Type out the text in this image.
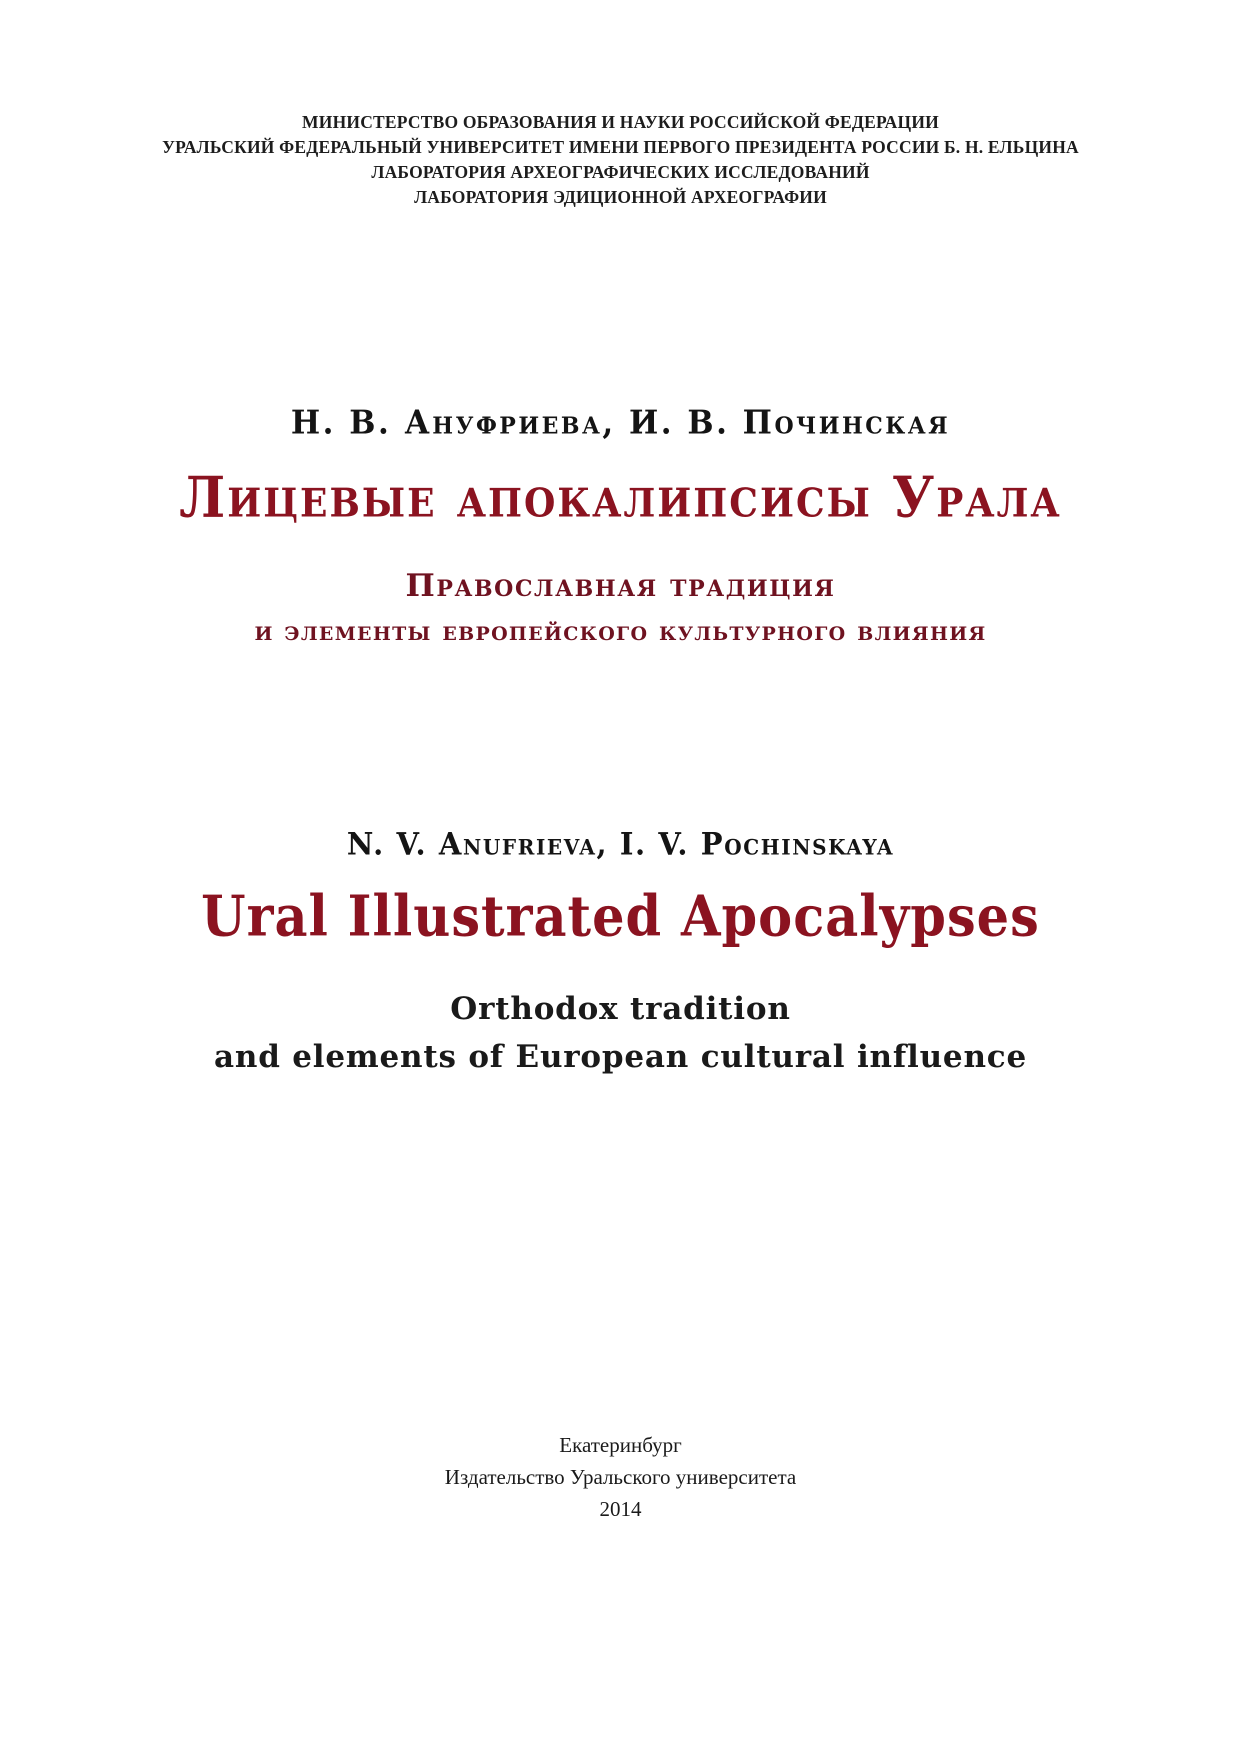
МИНИСТЕРСТВО ОБРАЗОВАНИЯ И НАУКИ РОССИЙСКОЙ ФЕДЕРАЦИИ
УРАЛЬСКИЙ ФЕДЕРАЛЬНЫЙ УНИВЕРСИТЕТ ИМЕНИ ПЕРВОГО ПРЕЗИДЕНТА РОССИИ Б. Н. ЕЛЬЦИНА
ЛАБОРАТОРИЯ АРХЕОГРАФИЧЕСКИХ ИССЛЕДОВАНИЙ
ЛАБОРАТОРИЯ ЭДИЦИОННОЙ АРХЕОГРАФИИ
Н. В. Ануфриева, И. В. Починская
Лицевые апокалипсисы Урала
Православная традиция
и элементы европейского культурного влияния
N. V. Anufrieva, I. V. Pochinskaya
Ural Illustrated Apocalypses
Orthodox tradition
and elements of European cultural influence
Екатеринбург
Издательство Уральского университета
2014
